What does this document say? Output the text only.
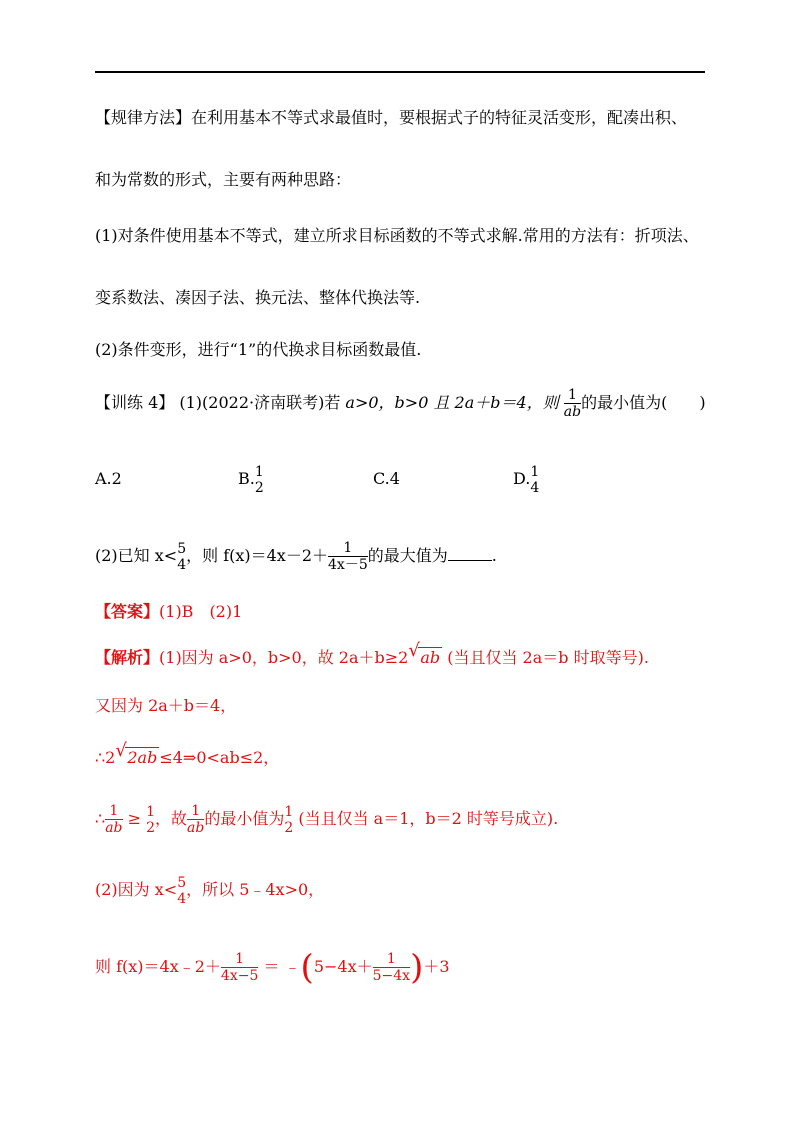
【规律方法】在利用基本不等式求最值时，要根据式子的特征灵活变形，配凑出积、
和为常数的形式，主要有两种思路：
(1)对条件使用基本不等式，建立所求目标函数的不等式求解.常用的方法有：折项法、
变系数法、凑因子法、换元法、整体代换法等.
(2)条件变形，进行“1”的代换求目标函数最值.
【训练 4】 (1)(2022·济南联考)若 a>0，b>0 且 2a＋b＝4，则 $\frac{1}{ab}$ 的最小值为(　　)
A.2	B. 1
2	C.4	D. 1
4
(2)已知 x< 5
4 ，则 $f(x)=4x-2+ \frac{1}{4x-5}$ 的最大值为	.
【答案】(1)B　(2)1
【解析】(1)因为 a>0，b>0，故 2a＋b≥2 √ ab (当且仅当 2a＝b 时取等号).
又因为 2a＋b＝4，
∴2 √ 2ab ≤4⇒0<ab≤2，
∴ $\frac{1}{ab} \ge 1$
2 ，故 $\frac{1}{ab}$ 的最小值为 1
2 (当且仅当 a＝1，b＝2 时等号成立).
(2)因为 x< 5
4 ，所以 5﹣4x>0，
则 f(x)＝4x﹣2＋ $\frac{1}{4x-5}$ ＝ ﹣(5−4x＋ $\frac{1}{5-4x} )+3$
